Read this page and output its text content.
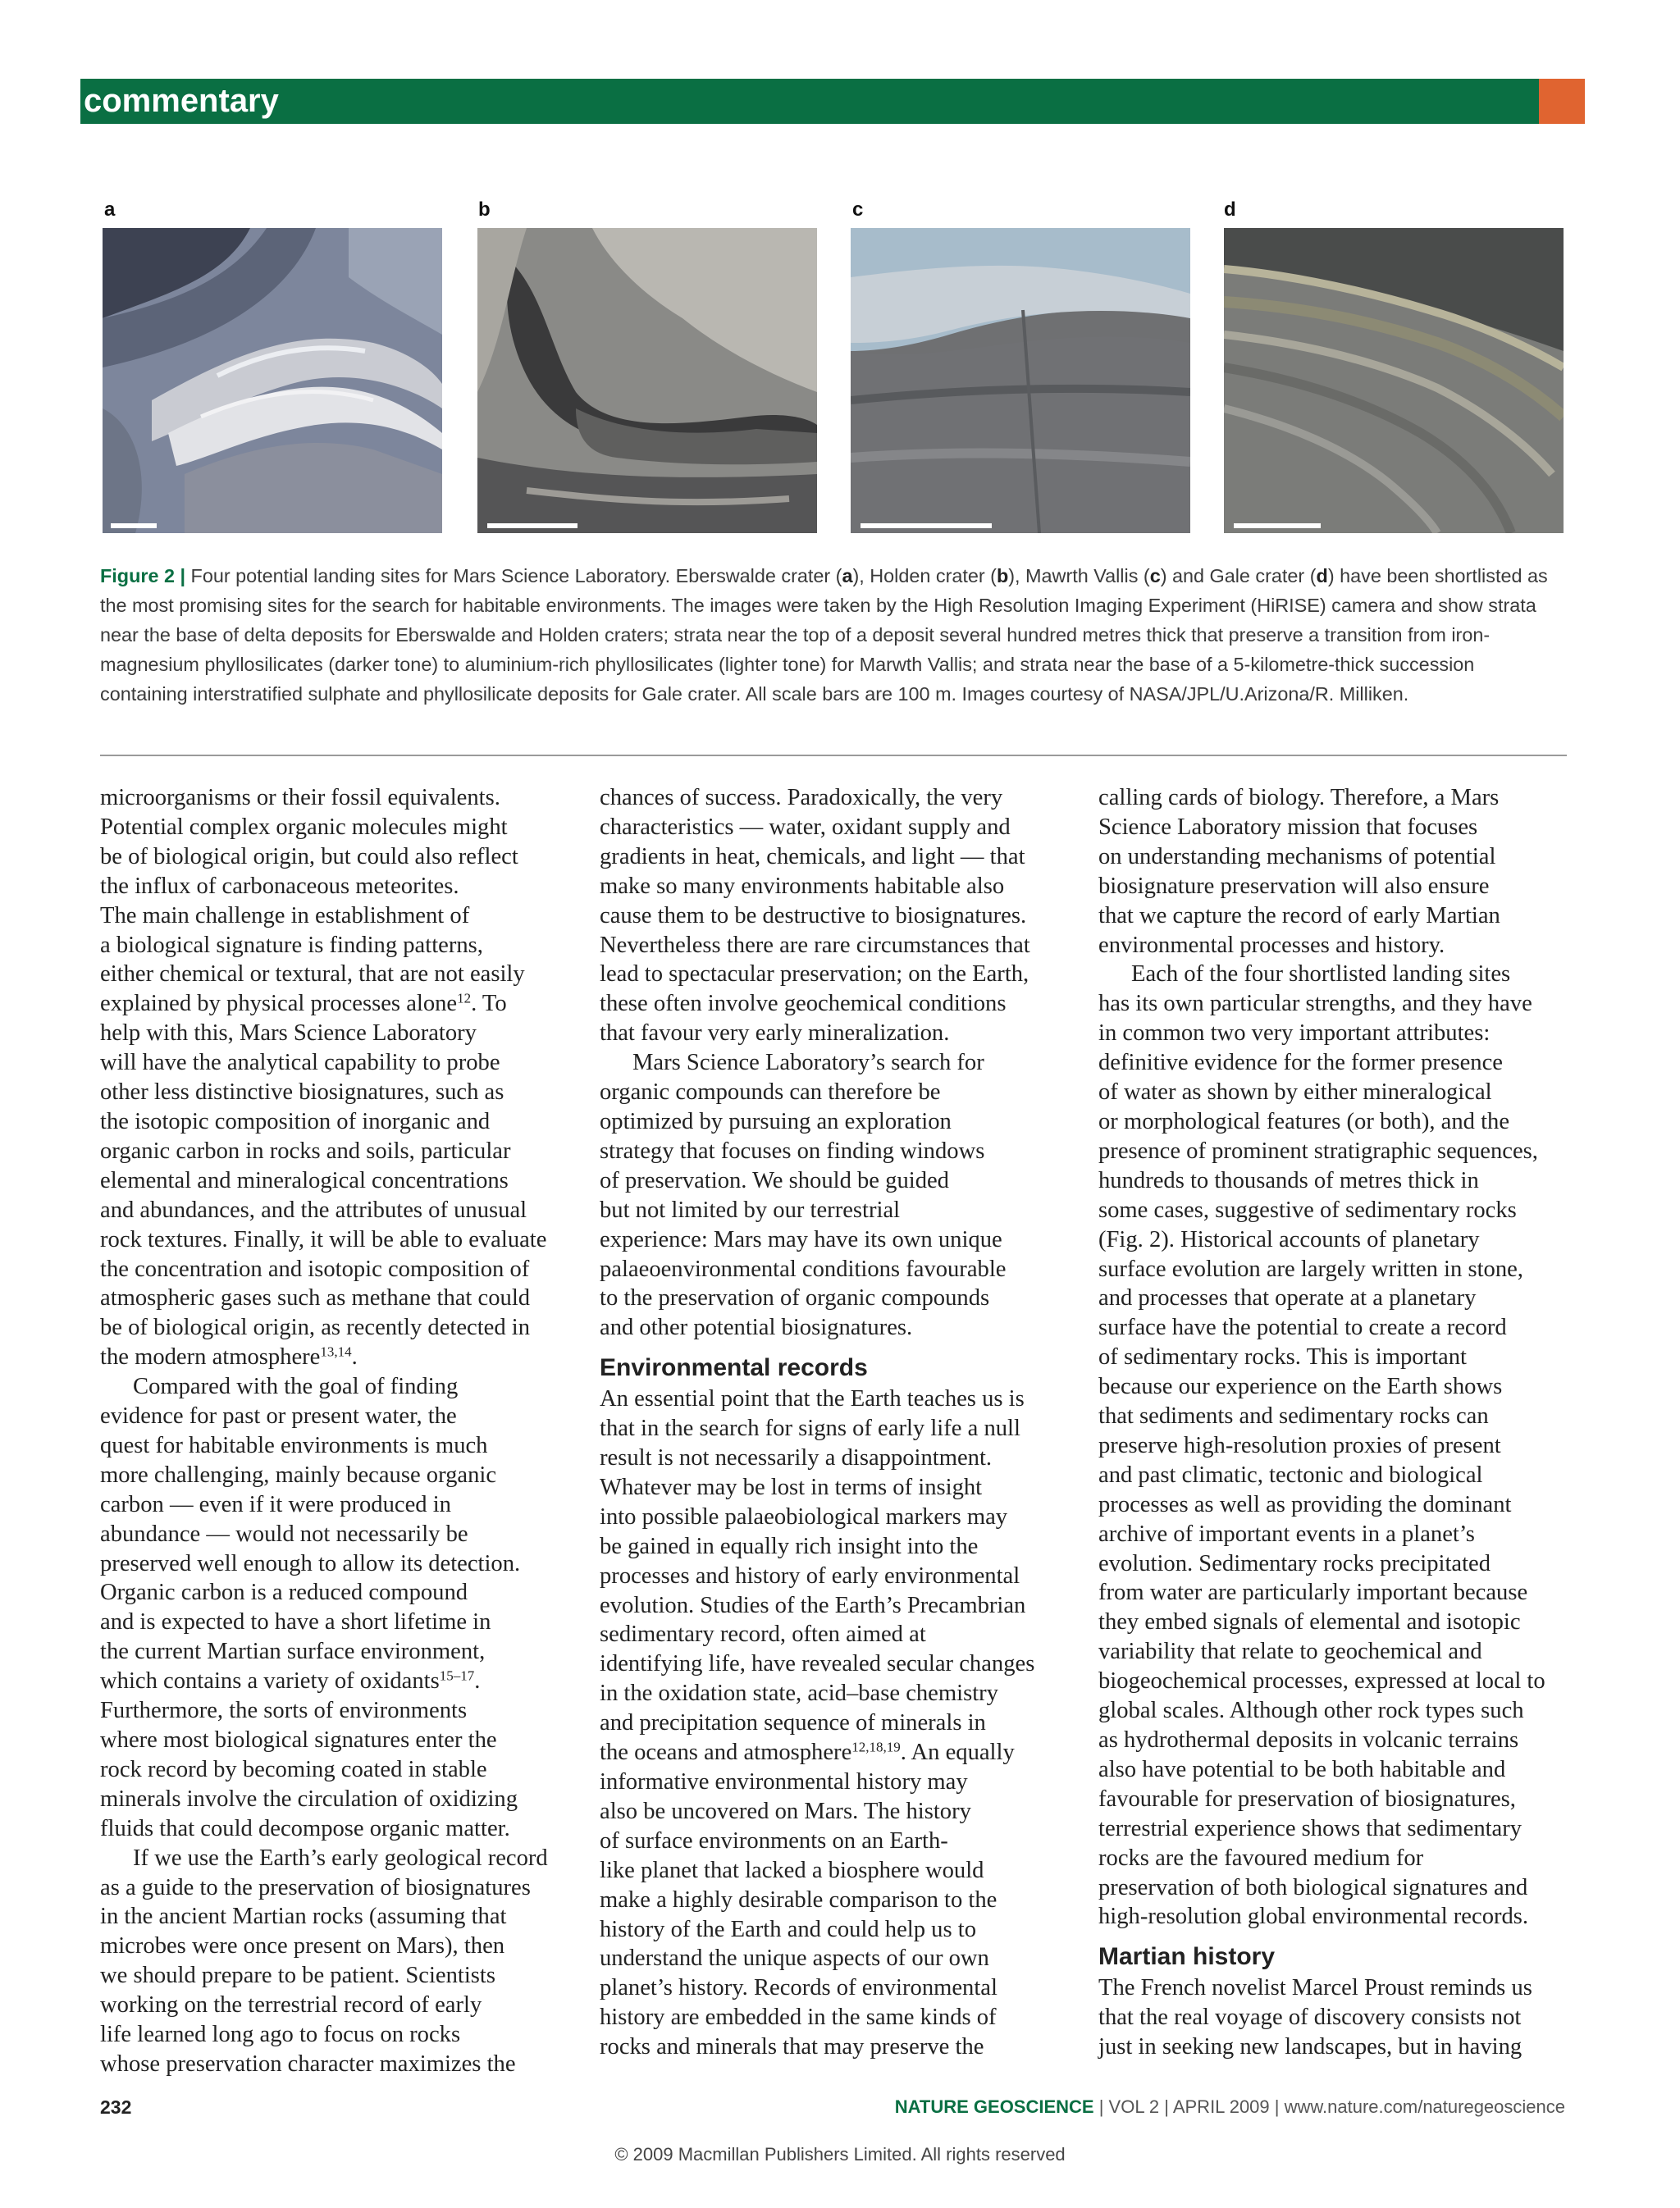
commentary
a	b	c	d
Figure 2 | Four potential landing sites for Mars Science Laboratory. Eberswalde crater (a), Holden crater (b), Mawrth Vallis (c) and Gale crater (d) have been shortlisted as the most promising sites for the search for habitable environments. The images were taken by the High Resolution Imaging Experiment (HiRISE) camera and show strata near the base of delta deposits for Eberswalde and Holden craters; strata near the top of a deposit several hundred metres thick that preserve a transition from iron-magnesium phyllosilicates (darker tone) to aluminium-rich phyllosilicates (lighter tone) for Marwth Vallis; and strata near the base of a 5-kilometre-thick succession containing interstratified sulphate and phyllosilicate deposits for Gale crater. All scale bars are 100 m. Images courtesy of NASA/JPL/U.Arizona/R. Milliken.

microorganisms or their fossil equivalents.

Potential complex organic molecules might

be of biological origin, but could also reflect

the influx of carbonaceous meteorites.

The main challenge in establishment of

a biological signature is finding patterns,

either chemical or textural, that are not easily

explained by physical processes alone$^{12}$. To

help with this, Mars Science Laboratory

will have the analytical capability to probe

other less distinctive biosignatures, such as

the isotopic composition of inorganic and

organic carbon in rocks and soils, particular

elemental and mineralogical concentrations

and abundances, and the attributes of unusual

rock textures. Finally, it will be able to evaluate

the concentration and isotopic composition of

atmospheric gases such as methane that could

be of biological origin, as recently detected in

the modern atmosphere$^{13,14}$.

Compared with the goal of finding

evidence for past or present water, the

quest for habitable environments is much

more challenging, mainly because organic

carbon — even if it were produced in

abundance — would not necessarily be

preserved well enough to allow its detection.

Organic carbon is a reduced compound

and is expected to have a short lifetime in

the current Martian surface environment,

which contains a variety of oxidants$^{15-17}$.

Furthermore, the sorts of environments

where most biological signatures enter the

rock record by becoming coated in stable

minerals involve the circulation of oxidizing

fluids that could decompose organic matter.

If we use the Earth’s early geological record

as a guide to the preservation of biosignatures

in the ancient Martian rocks (assuming that

microbes were once present on Mars), then

we should prepare to be patient. Scientists

working on the terrestrial record of early

life learned long ago to focus on rocks

whose preservation character maximizes the

chances of success. Paradoxically, the very

characteristics — water, oxidant supply and

gradients in heat, chemicals, and light — that

make so many environments habitable also

cause them to be destructive to biosignatures.

Nevertheless there are rare circumstances that

lead to spectacular preservation; on the Earth,

these often involve geochemical conditions

that favour very early mineralization.

Mars Science Laboratory’s search for

organic compounds can therefore be

optimized by pursuing an exploration

strategy that focuses on finding windows

of preservation. We should be guided

but not limited by our terrestrial

experience: Mars may have its own unique

palaeoenvironmental conditions favourable

to the preservation of organic compounds

and other potential biosignatures.

Environmental records

An essential point that the Earth teaches us is

that in the search for signs of early life a null

result is not necessarily a disappointment.

Whatever may be lost in terms of insight

into possible palaeobiological markers may

be gained in equally rich insight into the

processes and history of early environmental

evolution. Studies of the Earth’s Precambrian

sedimentary record, often aimed at

identifying life, have revealed secular changes

in the oxidation state, acid–base chemistry

and precipitation sequence of minerals in

the oceans and atmosphere$^{12,18,19}$. An equally

informative environmental history may

also be uncovered on Mars. The history

of surface environments on an Earth-

like planet that lacked a biosphere would

make a highly desirable comparison to the

history of the Earth and could help us to

understand the unique aspects of our own

planet’s history. Records of environmental

history are embedded in the same kinds of

rocks and minerals that may preserve the

calling cards of biology. Therefore, a Mars

Science Laboratory mission that focuses

on understanding mechanisms of potential

biosignature preservation will also ensure

that we capture the record of early Martian

environmental processes and history.

Each of the four shortlisted landing sites

has its own particular strengths, and they have

in common two very important attributes:

definitive evidence for the former presence

of water as shown by either mineralogical

or morphological features (or both), and the

presence of prominent stratigraphic sequences,

hundreds to thousands of metres thick in

some cases, suggestive of sedimentary rocks

(Fig. 2). Historical accounts of planetary

surface evolution are largely written in stone,

and processes that operate at a planetary

surface have the potential to create a record

of sedimentary rocks. This is important

because our experience on the Earth shows

that sediments and sedimentary rocks can

preserve high-resolution proxies of present

and past climatic, tectonic and biological

processes as well as providing the dominant

archive of important events in a planet’s

evolution. Sedimentary rocks precipitated

from water are particularly important because

they embed signals of elemental and isotopic

variability that relate to geochemical and

biogeochemical processes, expressed at local to

global scales. Although other rock types such

as hydrothermal deposits in volcanic terrains

also have potential to be both habitable and

favourable for preservation of biosignatures,

terrestrial experience shows that sedimentary

rocks are the favoured medium for

preservation of both biological signatures and

high-resolution global environmental records.

Martian history

The French novelist Marcel Proust reminds us

that the real voyage of discovery consists not

just in seeking new landscapes, but in having

232	NATURE GEOSCIENCE | VOL 2 | APRIL 2009 | www.nature.com/naturegeoscience
© 2009 Macmillan Publishers Limited. All rights reserved
